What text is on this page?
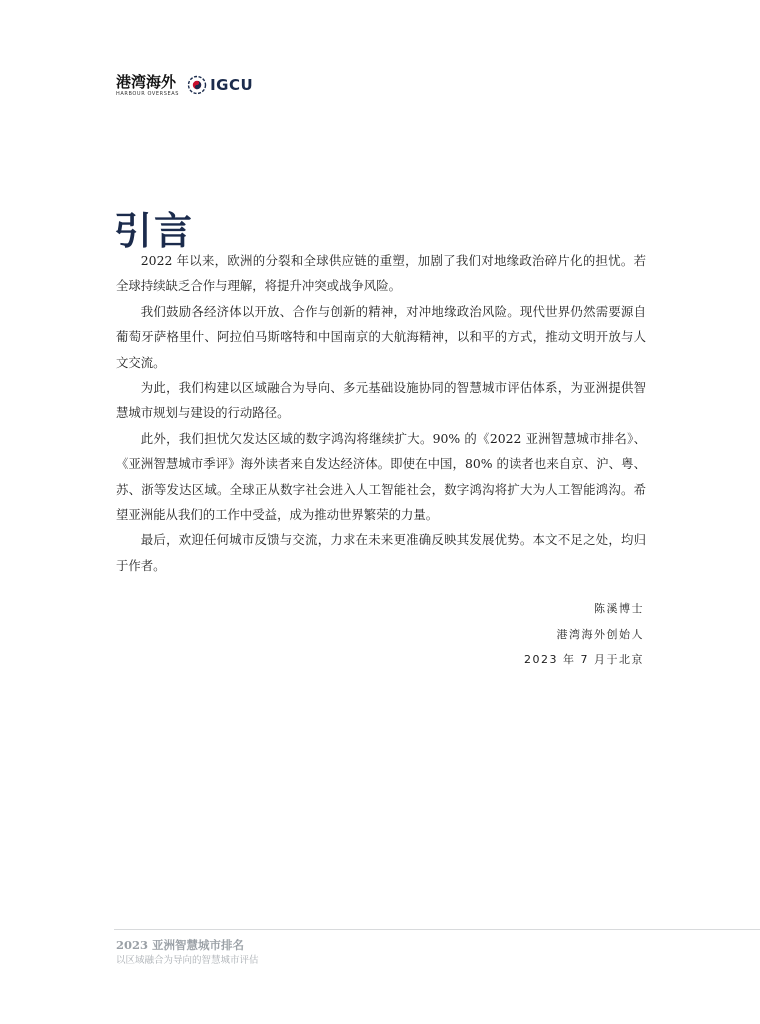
港湾海外
HARBOUR OVERSEAS IGCU
引言

2022 年以来，欧洲的分裂和全球供应链的重塑，加剧了我们对地缘政治碎片化的担忧。若全球持续缺乏合作与理解，将提升冲突或战争风险。

我们鼓励各经济体以开放、合作与创新的精神，对冲地缘政治风险。现代世界仍然需要源自葡萄牙萨格里什、阿拉伯马斯喀特和中国南京的大航海精神，以和平的方式，推动文明开放与人文交流。

为此，我们构建以区域融合为导向、多元基础设施协同的智慧城市评估体系，为亚洲提供智慧城市规划与建设的行动路径。

此外，我们担忧欠发达区域的数字鸿沟将继续扩大。90% 的《2022 亚洲智慧城市排名》、《亚洲智慧城市季评》海外读者来自发达经济体。即使在中国，80% 的读者也来自京、沪、粤、苏、浙等发达区域。全球正从数字社会进入人工智能社会，数字鸿沟将扩大为人工智能鸿沟。希望亚洲能从我们的工作中受益，成为推动世界繁荣的力量。

最后，欢迎任何城市反馈与交流，力求在未来更准确反映其发展优势。本文不足之处，均归于作者。

陈溪博士
港湾海外创始人
2023 年 7 月于北京
2023 亚洲智慧城市排名
以区域融合为导向的智慧城市评估
